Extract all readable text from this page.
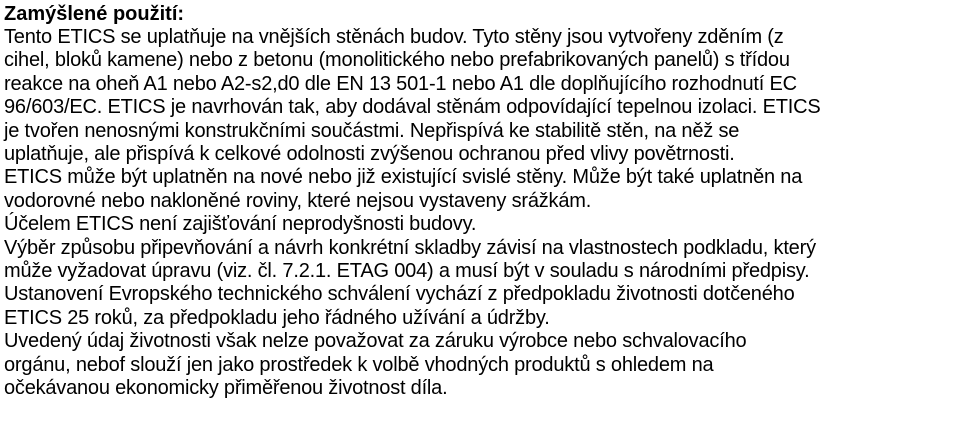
Zamýšlené použití:
Tento ETICS se uplatňuje na vnějších stěnách budov. Tyto stěny jsou vytvořeny zděním (z
cihel, bloků kamene) nebo z betonu (monolitického nebo prefabrikovaných panelů) s třídou
reakce na oheň A1 nebo A2-s2,d0 dle EN 13 501-1 nebo A1 dle doplňujícího rozhodnutí EC
96/603/EC. ETICS je navrhován tak, aby dodával stěnám odpovídající tepelnou izolaci. ETICS
je tvořen nenosnými konstrukčními součástmi. Nepřispívá ke stabilitě stěn, na něž se
uplatňuje, ale přispívá k celkové odolnosti zvýšenou ochranou před vlivy povětrnosti.
ETICS může být uplatněn na nové nebo již existující svislé stěny. Může být také uplatněn na
vodorovné nebo nakloněné roviny, které nejsou vystaveny srážkám.
Účelem ETICS není zajišťování neprodyšnosti budovy.
Výběr způsobu připevňování a návrh konkrétní skladby závisí na vlastnostech podkladu, který
může vyžadovat úpravu (viz. čl. 7.2.1. ETAG 004) a musí být v souladu s národními předpisy.
Ustanovení Evropského technického schválení vychází z předpokladu životnosti dotčeného
ETICS 25 roků, za předpokladu jeho řádného užívání a údržby.
Uvedený údaj životnosti však nelze považovat za záruku výrobce nebo schvalovacího
orgánu, nebof slouží jen jako prostředek k volbě vhodných produktů s ohledem na
očekávanou ekonomicky přiměřenou životnost díla.
